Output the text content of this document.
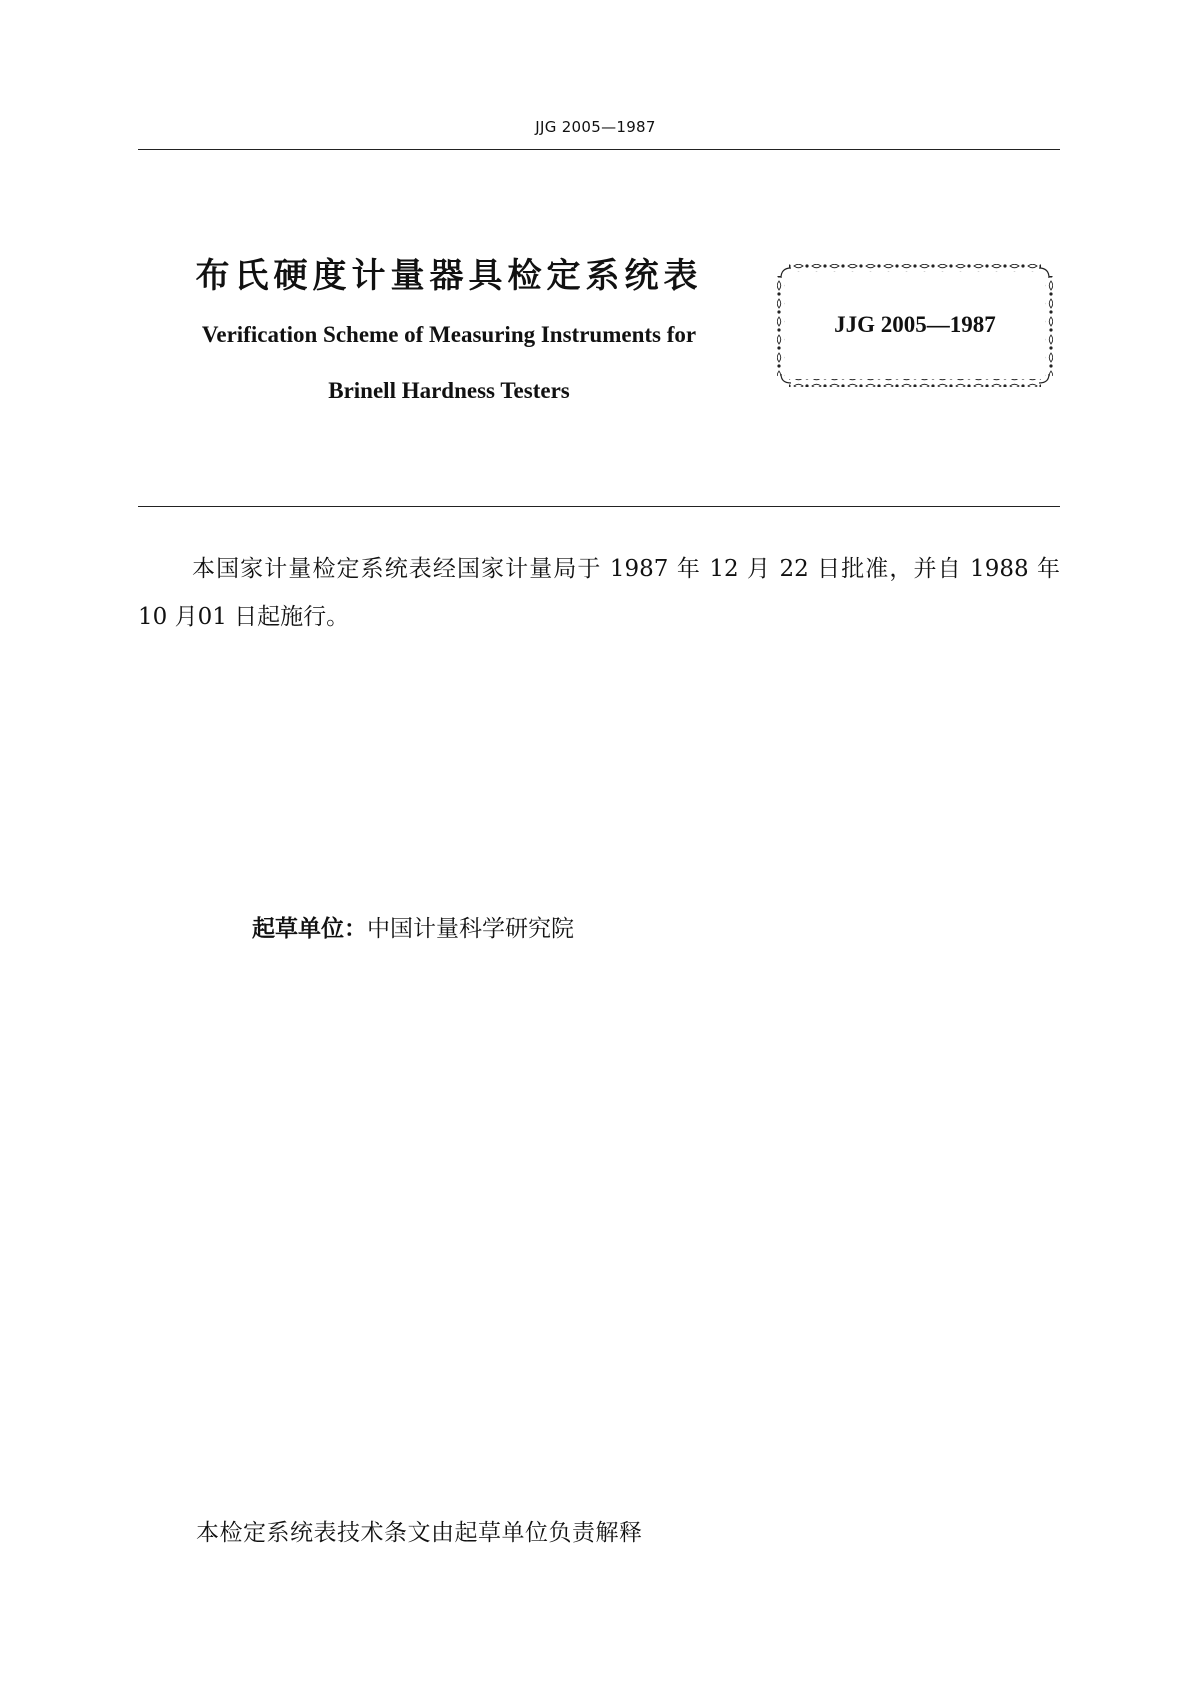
JJG 2005—1987
布氏硬度计量器具检定系统表
Verification Scheme of Measuring Instruments for
Brinell Hardness Testers
JJG 2005—1987
本国家计量检定系统表经国家计量局于 1987 年 12 月 22 日批准，并自 1988 年 10 月01 日起施行。
起草单位：中国计量科学研究院
本检定系统表技术条文由起草单位负责解释
